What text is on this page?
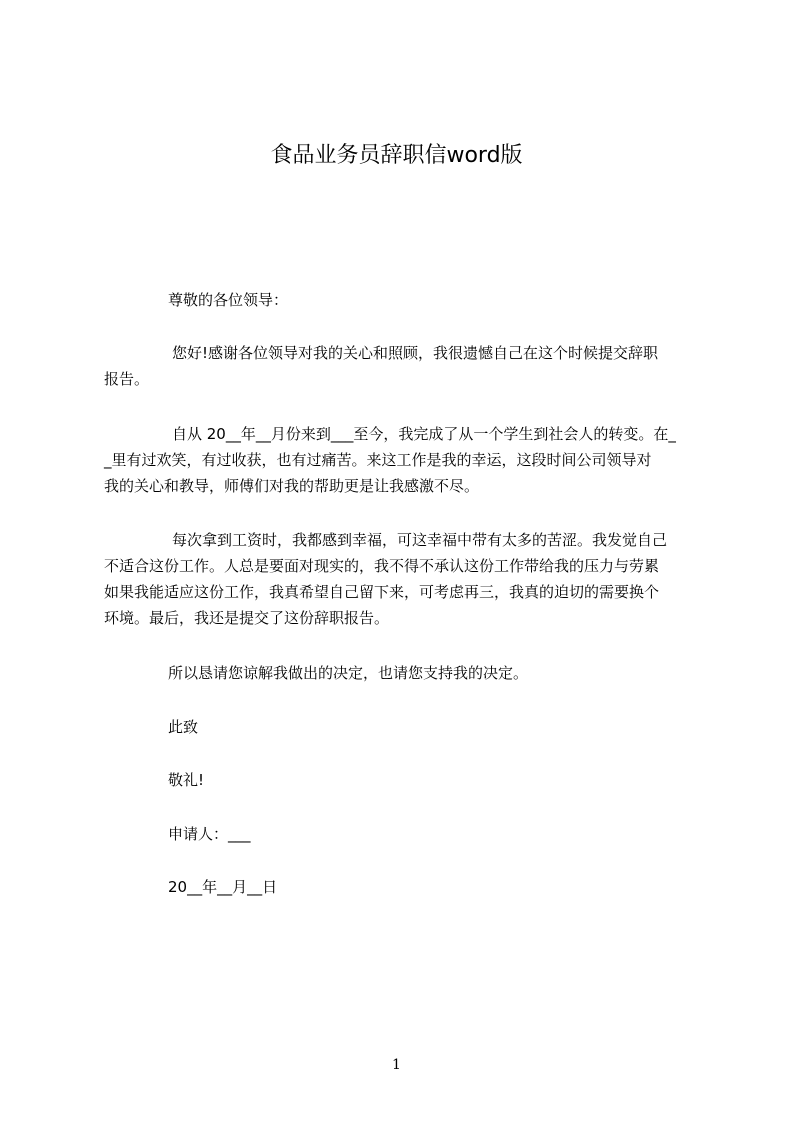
食品业务员辞职信word版

尊敬的各位领导：

您好!感谢各位领导对我的关心和照顾，我很遗憾自己在这个时候提交辞职
报告。

自从 20__年__月份来到___至今，我完成了从一个学生到社会人的转变。在_
_里有过欢笑，有过收获，也有过痛苦。来这工作是我的幸运，这段时间公司领导对
我的关心和教导，师傅们对我的帮助更是让我感激不尽。

每次拿到工资时，我都感到幸福，可这幸福中带有太多的苦涩。我发觉自己
不适合这份工作。人总是要面对现实的，我不得不承认这份工作带给我的压力与劳累
如果我能适应这份工作，我真希望自己留下来，可考虑再三，我真的迫切的需要换个
环境。最后，我还是提交了这份辞职报告。

所以恳请您谅解我做出的决定，也请您支持我的决定。

此致

敬礼!

申请人：___

20__年__月__日

1
